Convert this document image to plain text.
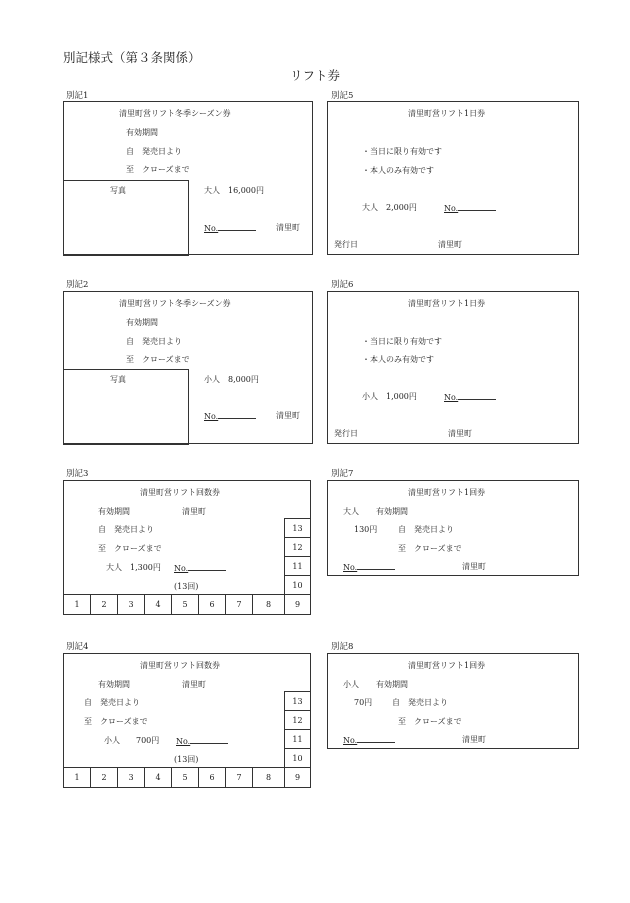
別記様式（第３条関係）
リフト券
別記1
清里町営リフト冬季シーズン券
有効期間
自　発売日より
至　クローズまで
写真	大人　16,000円
No.	清里町
別記5
清里町営リフト1日券
・当日に限り有効です
・本人のみ有効です
大人　2,000円	No.
発行日	清里町
別記2
清里町営リフト冬季シーズン券
有効期間
自　発売日より
至　クローズまで
写真	小人　8,000円
No.	清里町
別記6
清里町営リフト1日券
・当日に限り有効です
・本人のみ有効です
小人　1,000円	No.
発行日	清里町
別記3
清里町営リフト回数券
有効期間	清里町
自　発売日より
至　クローズまで
大人　1,300円 No.
(13回)
13
12
11
10
1	2	3	4	5	6	7	8	9
別記7
清里町営リフト1回券
大人 有効期間
130円	自　発売日より
至　クローズまで
No.	清里町
別記4
清里町営リフト回数券
有効期間	清里町
自　発売日より
至　クローズまで
小人　　700円 No.
(13回)
13
12
11
10
1	2	3	4	5	6	7	8	9
別記8
清里町営リフト1回券
小人 有効期間
70円 自　発売日より
至　クローズまで
No.	清里町
